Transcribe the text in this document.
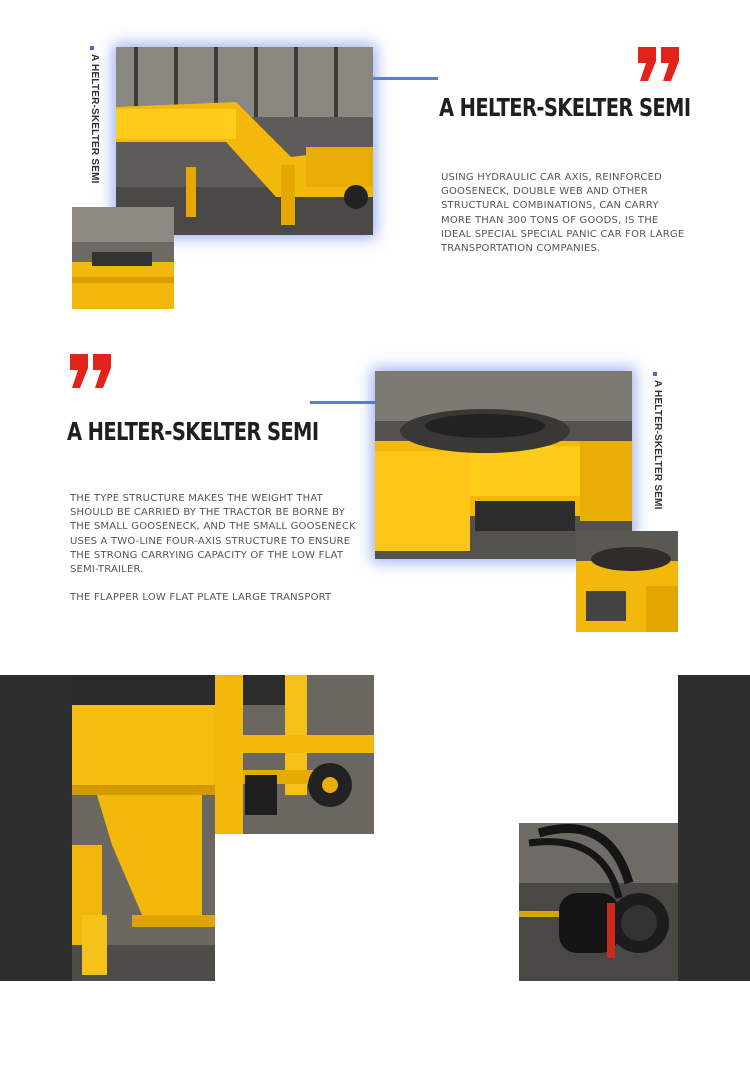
A HELTER-SKELTER SEMI	A HELTER-SKELTER SEMI
USING HYDRAULIC CAR AXIS, REINFORCED
GOOSENECK, DOUBLE WEB AND OTHER
STRUCTURAL COMBINATIONS, CAN CARRY
MORE THAN 300 TONS OF GOODS, IS THE
IDEAL SPECIAL SPECIAL PANIC CAR FOR LARGE
TRANSPORTATION COMPANIES.
A HELTER-SKELTER SEMI	A HELTER-SKELTER SEMI
THE TYPE STRUCTURE MAKES THE WEIGHT THAT
SHOULD BE CARRIED BY THE TRACTOR BE BORNE BY
THE SMALL GOOSENECK, AND THE SMALL GOOSENECK
USES A TWO-LINE FOUR-AXIS STRUCTURE TO ENSURE
THE STRONG CARRYING CAPACITY OF THE LOW FLAT
SEMI-TRAILER.
THE FLAPPER LOW FLAT PLATE LARGE TRANSPORT
